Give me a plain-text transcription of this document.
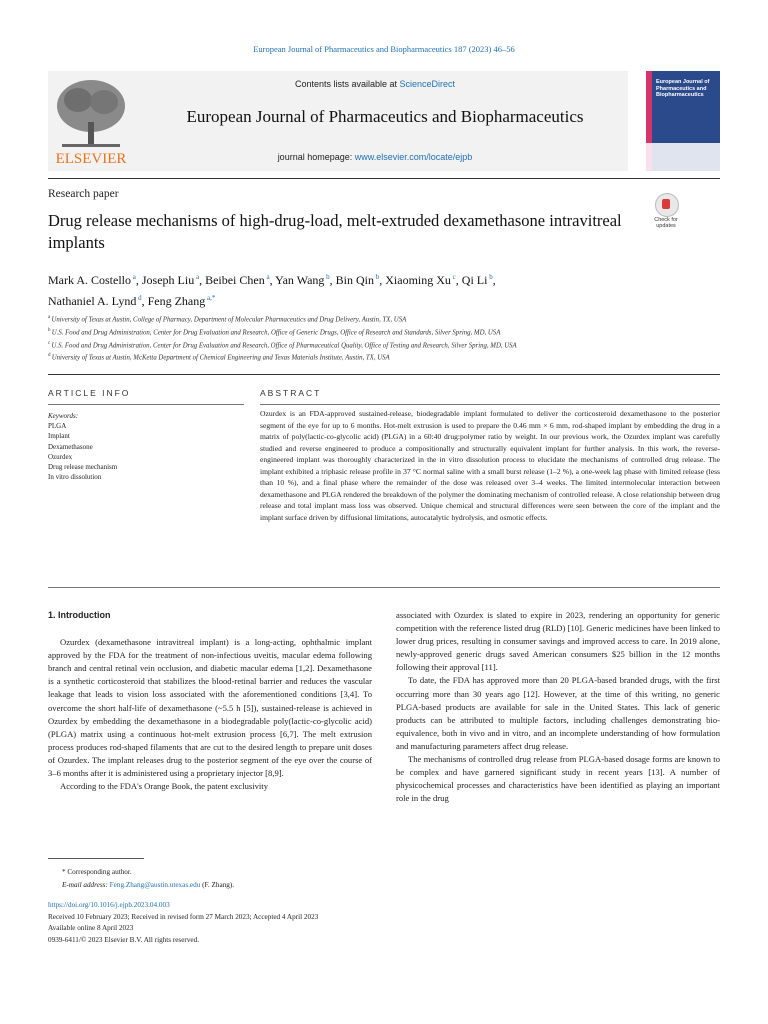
European Journal of Pharmaceutics and Biopharmaceutics 187 (2023) 46–56
ELSEVIER
Contents lists available at ScienceDirect
European Journal of Pharmaceutics and Biopharmaceutics
journal homepage: www.elsevier.com/locate/ejpb
European Journal of Pharmaceutics and Biopharmaceutics
Research paper
Drug release mechanisms of high-drug-load, melt-extruded dexamethasone intravitreal implants
Check for updates
Mark A. Costello $^a$, Joseph Liu $^a$, Beibei Chen $^a$, Yan Wang $^b$, Bin Qin $^b$, Xiaoming Xu $^c$, Qi Li $^b$,
Nathaniel A. Lynd $^d$, Feng Zhang $^{a,*}$
$^a$ University of Texas at Austin, College of Pharmacy, Department of Molecular Pharmaceutics and Drug Delivery, Austin, TX, USA
$^b$ U.S. Food and Drug Administration, Center for Drug Evaluation and Research, Office of Generic Drugs, Office of Research and Standards, Silver Spring, MD, USA
$^c$ U.S. Food and Drug Administration, Center for Drug Evaluation and Research, Office of Pharmaceutical Quality, Office of Testing and Research, Silver Spring, MD, USA
$^d$ University of Texas at Austin, McKetta Department of Chemical Engineering and Texas Materials Institute, Austin, TX, USA
ARTICLE INFO	ABSTRACT
Keywords:
PLGA
Implant
Dexamethasone
Ozurdex
Drug release mechanism
In vitro dissolution
Ozurdex is an FDA-approved sustained-release, biodegradable implant formulated to deliver the corticosteroid dexamethasone to the posterior segment of the eye for up to 6 months. Hot-melt extrusion is used to prepare the 0.46 mm × 6 mm, rod-shaped implant by embedding the drug in a matrix of poly(lactic-co-glycolic acid) (PLGA) in a 60:40 drug:polymer ratio by weight. In our previous work, the Ozurdex implant was carefully studied and reverse engineered to produce a compositionally and structurally equivalent implant for further analysis. In this work, the reverse-engineered implant was thoroughly characterized in the in vitro dissolution process to elucidate the mechanisms of controlled drug release. The implant exhibited a triphasic release profile in 37 °C normal saline with a small burst release (1–2 %), a one-week lag phase with limited release (less than 10 %), and a final phase where the remainder of the dose was released over 3–4 weeks. The limited intermolecular interaction between dexamethasone and PLGA rendered the breakdown of the polymer the dominating mechanism of controlled release. A close relationship between drug release and total implant mass loss was observed. Unique chemical and structural differences were seen between the core of the implant and the implant surface driven by diffusional limitations, autocatalytic hydrolysis, and osmotic effects.

1. Introduction

Ozurdex (dexamethasone intravitreal implant) is a long-acting, ophthalmic implant approved by the FDA for the treatment of non-infectious uveitis, macular edema following branch and central retinal vein occlusion, and diabetic macular edema [1,2]. Dexamethasone is a synthetic corticosteroid that stabilizes the blood-retinal barrier and reduces the vascular leakage that leads to vision loss associated with the aforementioned conditions [3,4]. To overcome the short half-life of dexamethasone (~5.5 h [5]), sustained-release is achieved in Ozurdex by embedding the dexamethasone in a biodegradable poly(lactic-co-glycolic acid) (PLGA) matrix using a continuous hot-melt extrusion process [6,7]. The melt extrusion process produces rod-shaped filaments that are cut to the desired length to prepare unit doses of Ozurdex. The implant releases drug to the posterior segment of the eye over the course of 3–6 months after it is administered using a proprietary injector [8,9].

According to the FDA's Orange Book, the patent exclusivity

associated with Ozurdex is slated to expire in 2023, rendering an opportunity for generic competition with the reference listed drug (RLD) [10]. Generic medicines have been linked to lower drug prices, resulting in consumer savings and improved access to care. In 2019 alone, newly-approved generic drugs saved American consumers $25 billion in the 12 months following their approval [11].

To date, the FDA has approved more than 20 PLGA-based branded drugs, with the first occurring more than 30 years ago [12]. However, at the time of this writing, no generic PLGA-based products are available for sale in the United States. This lack of generic products can be attributed to multiple factors, including challenges demonstrating bio-equivalence, both in vivo and in vitro, and an incomplete understanding of how formulation and manufacturing parameters affect drug release.

The mechanisms of controlled drug release from PLGA-based dosage forms are known to be complex and have garnered significant study in recent years [13]. A number of physicochemical processes and characteristics have been identified as playing an important role in the drug

* Corresponding author.
E-mail address: Feng.Zhang@austin.utexas.edu (F. Zhang).
https://doi.org/10.1016/j.ejpb.2023.04.003
Received 10 February 2023; Received in revised form 27 March 2023; Accepted 4 April 2023
Available online 8 April 2023
0939-6411/© 2023 Elsevier B.V. All rights reserved.
